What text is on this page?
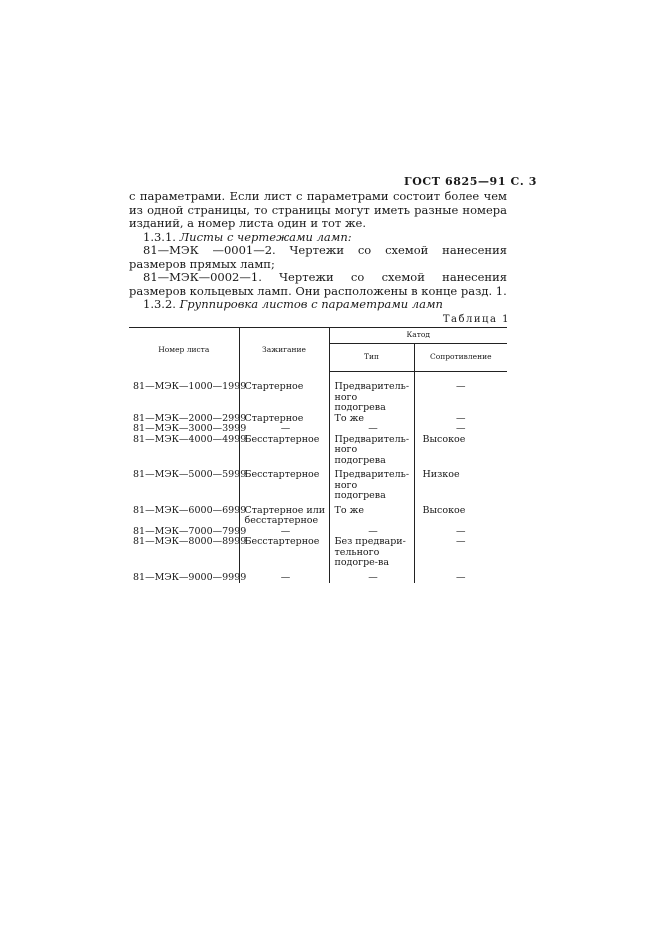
ГОСТ 6825—91 С. 3

с параметрами. Если лист с параметрами состоит более чем из одной страницы, то страницы могут иметь разные номера изданий, а номер листа один и тот же.

1.3.1. Листы с чертежами ламп:

81—МЭК —0001—2. Чертежи со схемой нанесения размеров прямых ламп;

81—МЭК—0002—1. Чертежи со схемой нанесения размеров кольцевых ламп. Они расположены в конце разд. 1.

1.3.2. Группировка листов с параметрами ламп

Таблица 1
Номер листа	Зажигание	Катод	
		Тип	Сопротивление

81—МЭК—1000—1999	Стартерное	Предваритель-ного подогрева	—
81—МЭК—2000—2999	Стартерное	То же	—
81—МЭК—3000—3999	—	—	—
81—МЭК—4000—4999	Бесстартерное	Предваритель-ного подогрева	Высокое
81—МЭК—5000—5999	Бесстартерное	Предваритель-ного подогрева	Низкое
81—МЭК—6000—6999	Стартерное или бесстартерное	То же	Высокое
81—МЭК—7000—7999	—	—	—
81—МЭК—8000—8999	Бесстартерное	Без предвари-тельного подогре-ва	—
81—МЭК—9000—9999	—	—	—
